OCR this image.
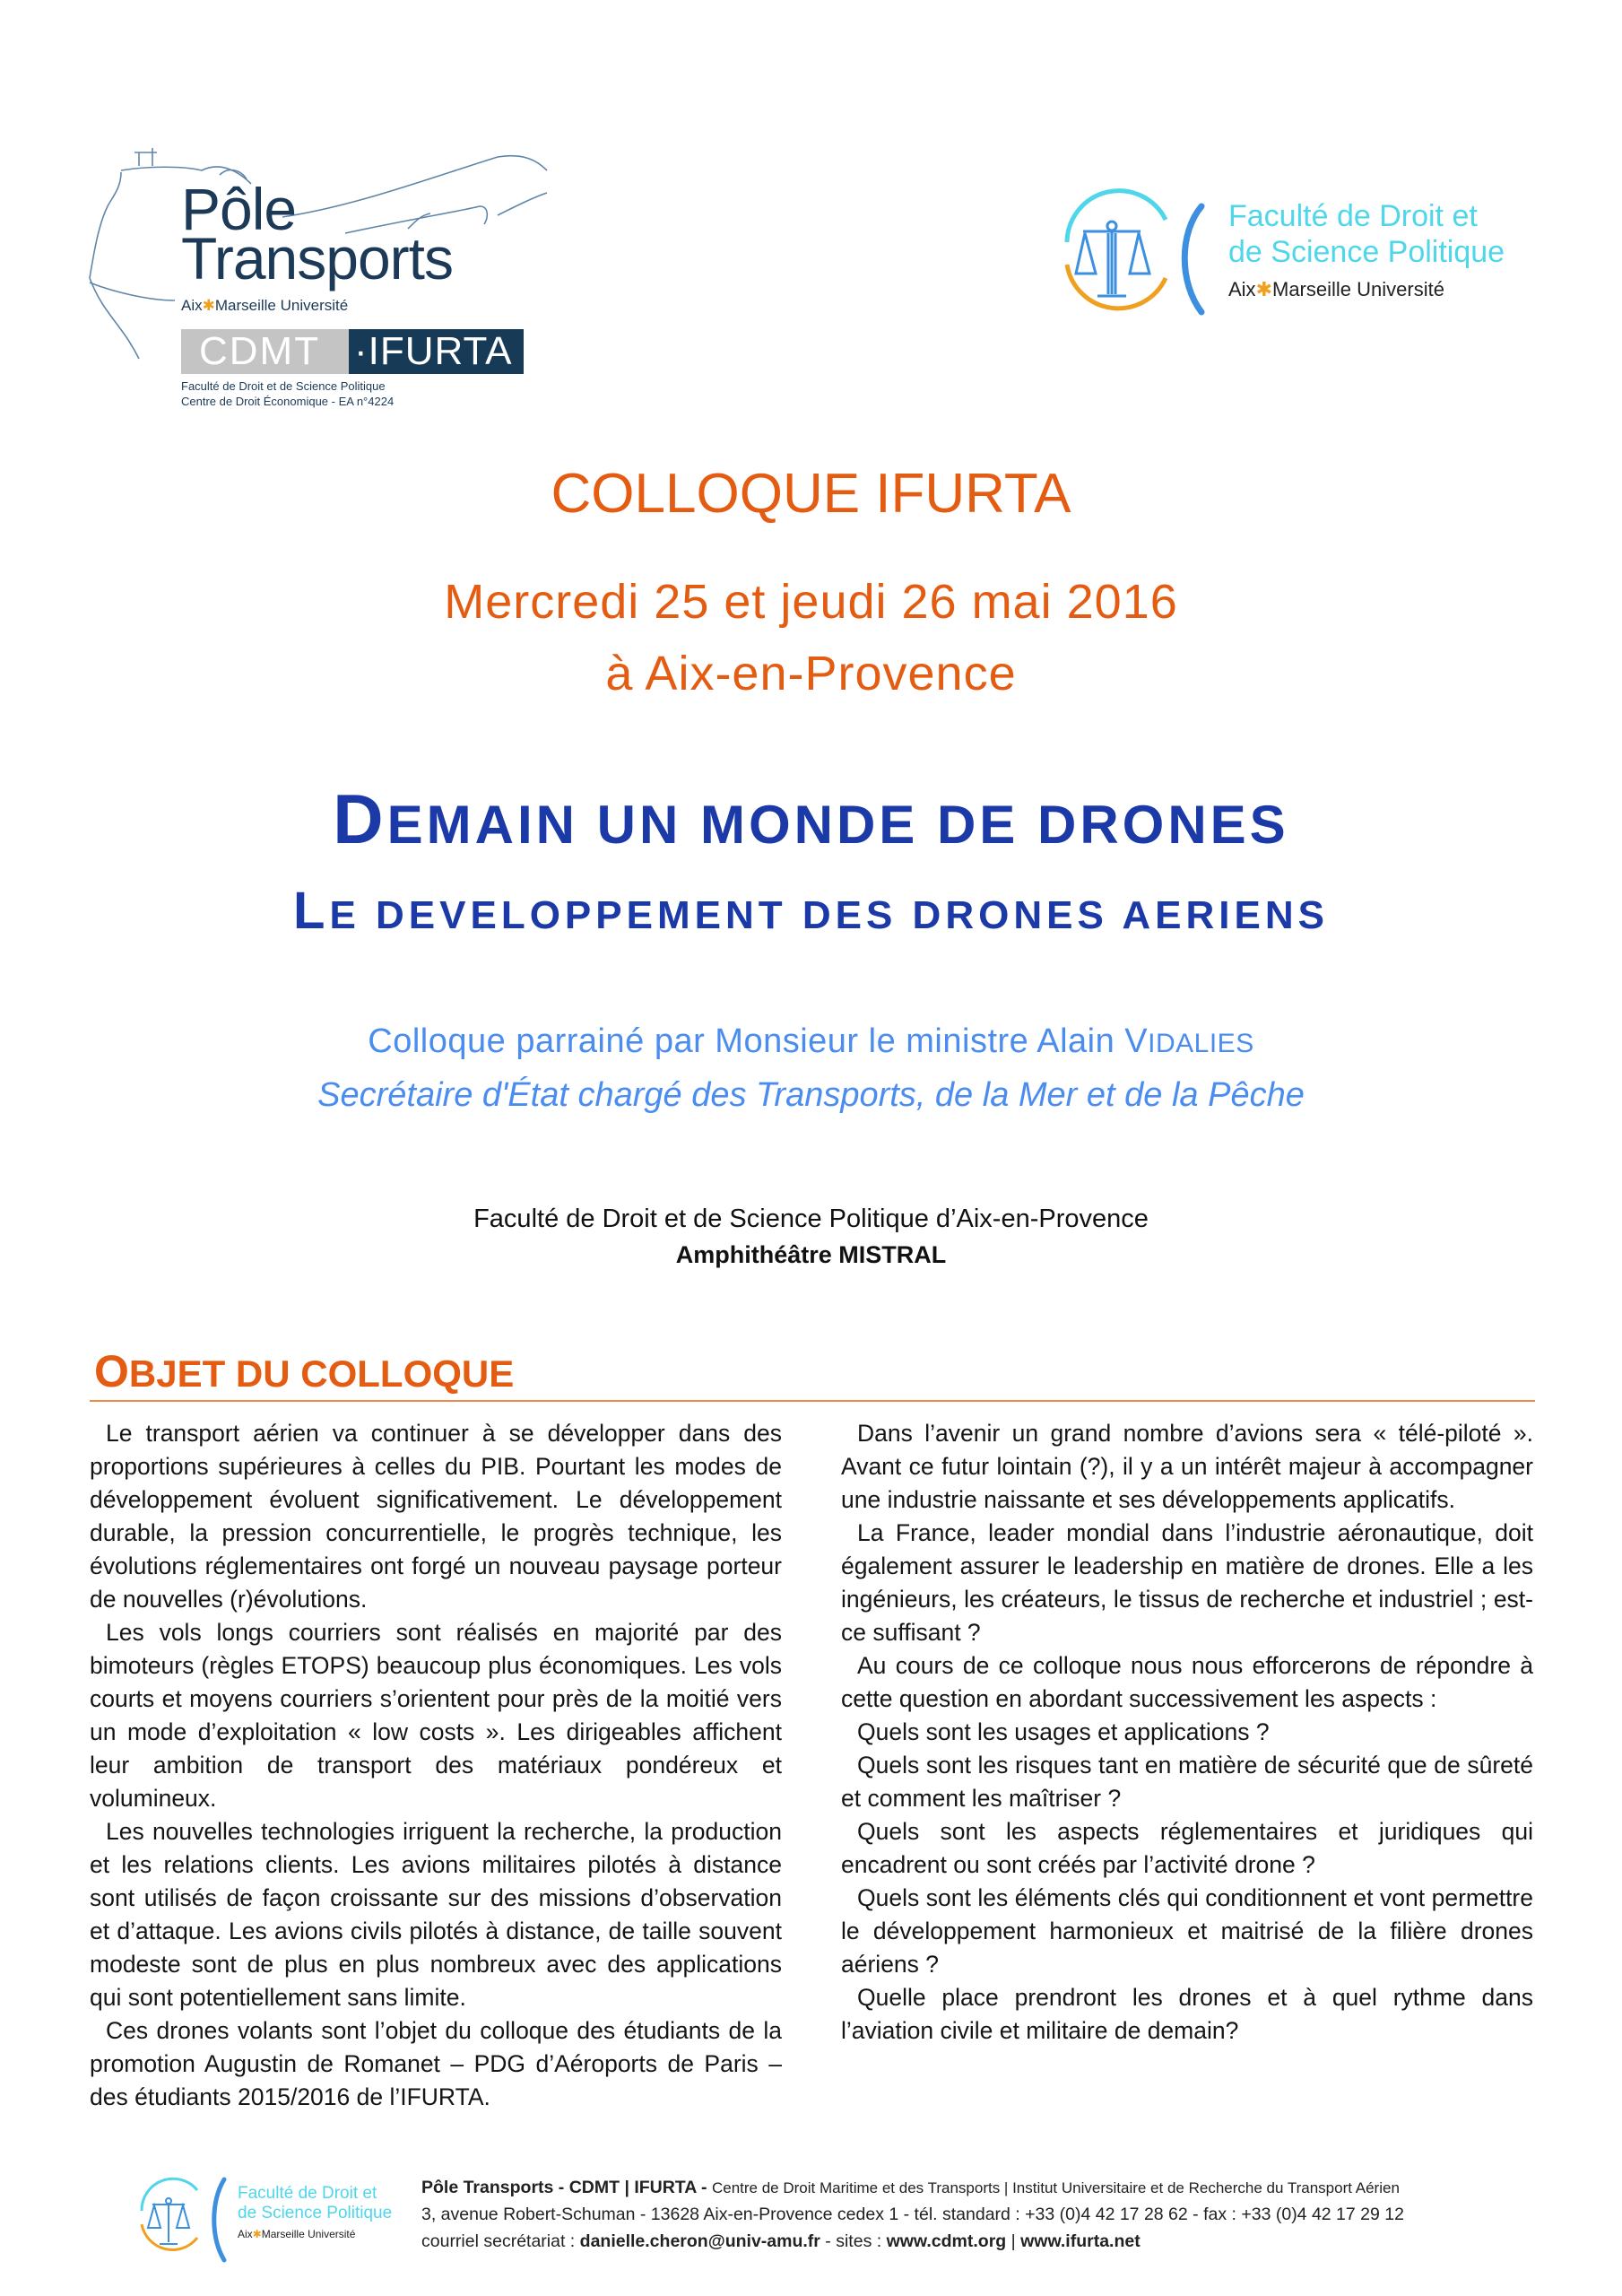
Pôle
Transports
Aix✱Marseille Université
CDMT ·IFURTA
Faculté de Droit et de Science Politique
Centre de Droit Économique - EA n°4224
Faculté de Droit et
de Science Politique
Aix✱Marseille Université
COLLOQUE IFURTA
Mercredi 25 et jeudi 26 mai 2016
à Aix-en-Provence
DEMAIN UN MONDE DE DRONES
LE DEVELOPPEMENT DES DRONES AERIENS
Colloque parrainé par Monsieur le ministre Alain VIDALIES
Secrétaire d'État chargé des Transports, de la Mer et de la Pêche
Faculté de Droit et de Science Politique d’Aix-en-Provence
Amphithéâtre MISTRAL
OBJET DU COLLOQUE

Le transport aérien va continuer à se développer dans des proportions supérieures à celles du PIB. Pourtant les modes de développement évoluent significativement. Le développement durable, la pression concurrentielle, le progrès technique, les évolutions réglementaires ont forgé un nouveau paysage porteur de nouvelles (r)évolutions.

Les vols longs courriers sont réalisés en majorité par des bimoteurs (règles ETOPS) beaucoup plus économiques. Les vols courts et moyens courriers s’orientent pour près de la moitié vers un mode d’exploitation « low costs ». Les dirigeables affichent leur ambition de transport des matériaux pondéreux et volumineux.

Les nouvelles technologies irriguent la recherche, la production et les relations clients. Les avions militaires pilotés à distance sont utilisés de façon croissante sur des missions d’observation et d’attaque. Les avions civils pilotés à distance, de taille souvent modeste sont de plus en plus nombreux avec des applications qui sont potentiellement sans limite.

Ces drones volants sont l’objet du colloque des étudiants de la promotion Augustin de Romanet – PDG d’Aéroports de Paris – des étudiants 2015/2016 de l’IFURTA.

Dans l’avenir un grand nombre d’avions sera « télé-piloté ». Avant ce futur lointain (?), il y a un intérêt majeur à accompagner une industrie naissante et ses développements applicatifs.

La France, leader mondial dans l’industrie aéronautique, doit également assurer le leadership en matière de drones. Elle a les ingénieurs, les créateurs, le tissus de recherche et industriel ; est-ce suffisant ?

Au cours de ce colloque nous nous efforcerons de répondre à cette question en abordant successivement les aspects :

Quels sont les usages et applications ?

Quels sont les risques tant en matière de sécurité que de sûreté et comment les maîtriser ?

Quels sont les aspects réglementaires et juridiques qui encadrent ou sont créés par l’activité drone ?

Quels sont les éléments clés qui conditionnent et vont permettre le développement harmonieux et maitrisé de la filière drones aériens ?

Quelle place prendront les drones et à quel rythme dans l’aviation civile et militaire de demain?

Faculté de Droit et
de Science Politique
Aix✱Marseille Université
Pôle Transports - CDMT | IFURTA - Centre de Droit Maritime et des Transports | Institut Universitaire et de Recherche du Transport Aérien
3, avenue Robert-Schuman - 13628 Aix-en-Provence cedex 1 - tél. standard : +33 (0)4 42 17 28 62 - fax : +33 (0)4 42 17 29 12
courriel secrétariat : danielle.cheron@univ-amu.fr - sites : www.cdmt.org | www.ifurta.net
